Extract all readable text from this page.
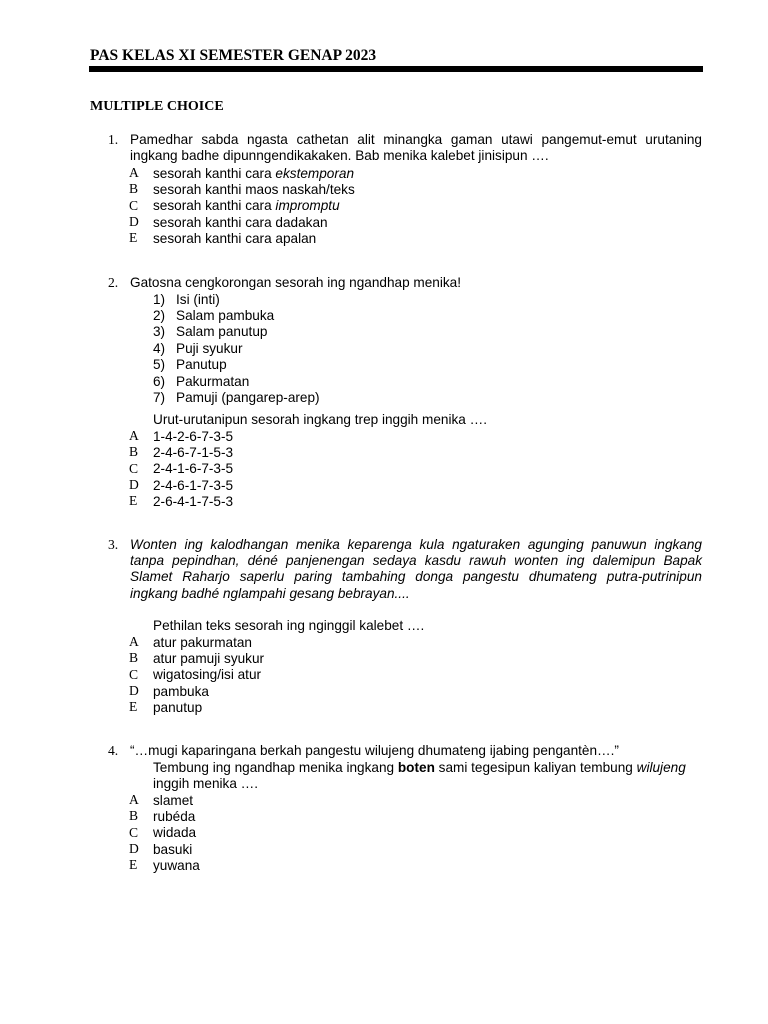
PAS KELAS XI SEMESTER GENAP 2023
MULTIPLE CHOICE
1. Pamedhar sabda ngasta cathetan alit minangka gaman utawi pangemut-emut urutaning ingkang badhe dipunngendikakaken. Bab menika kalebet jinisipun ….
A	sesorah kanthi cara ekstemporan
B	sesorah kanthi maos naskah/teks
C	sesorah kanthi cara impromptu
D	sesorah kanthi cara dadakan
E	sesorah kanthi cara apalan
2. Gatosna cengkorongan sesorah ing ngandhap menika!
1) Isi (inti)
2) Salam pambuka
3) Salam panutup
4) Puji syukur
5) Panutup
6) Pakurmatan
7) Pamuji (pangarep-arep)
Urut-urutanipun sesorah ingkang trep inggih menika ….
A	1-4-2-6-7-3-5
B	2-4-6-7-1-5-3
C	2-4-1-6-7-3-5
D	2-4-6-1-7-3-5
E	2-6-4-1-7-5-3
3. Wonten ing kalodhangan menika keparenga kula ngaturaken agunging panuwun ingkang tanpa pepindhan, déné panjenengan sedaya kasdu rawuh wonten ing dalemipun Bapak Slamet Raharjo saperlu paring tambahing donga pangestu dhumateng putra-putrinipun ingkang badhé nglampahi gesang bebrayan....
Pethilan teks sesorah ing nginggil kalebet ….
A	atur pakurmatan
B	atur pamuji syukur
C	wigatosing/isi atur
D	pambuka
E	panutup
4. “…mugi kaparingana berkah pangestu wilujeng dhumateng ijabing pengantèn….”
Tembung ing ngandhap menika ingkang boten sami tegesipun kaliyan tembung wilujeng inggih menika ….
A	slamet
B	rubéda
C	widada
D	basuki
E	yuwana
